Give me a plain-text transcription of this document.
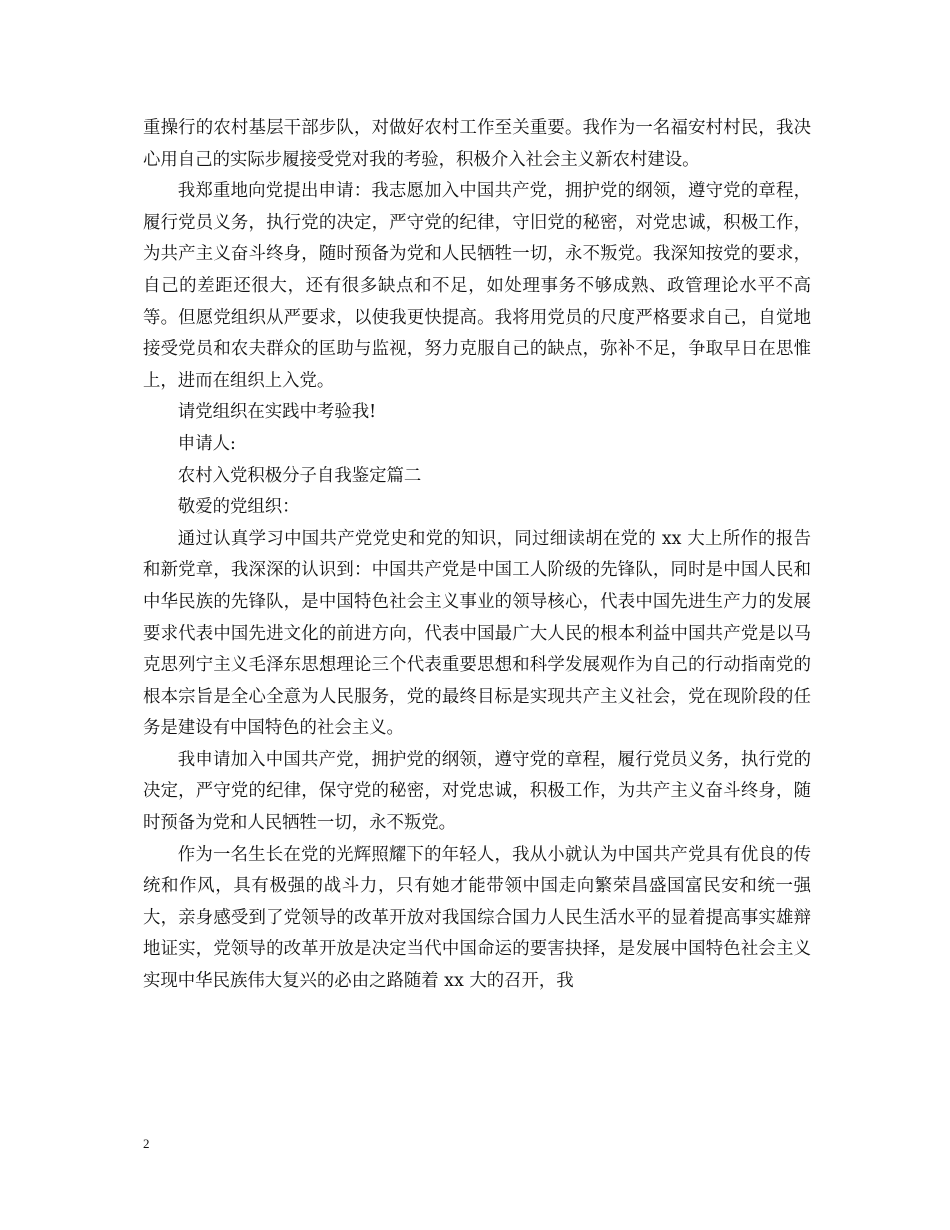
重操行的农村基层干部步队，对做好农村工作至关重要。我作为一名福安村村民，我决心用自己的实际步履接受党对我的考验，积极介入社会主义新农村建设。

我郑重地向党提出申请：我志愿加入中国共产党，拥护党的纲领，遵守党的章程，履行党员义务，执行党的决定，严守党的纪律，守旧党的秘密，对党忠诚，积极工作，为共产主义奋斗终身，随时预备为党和人民牺牲一切，永不叛党。我深知按党的要求，自己的差距还很大，还有很多缺点和不足，如处理事务不够成熟、政管理论水平不高等。但愿党组织从严要求，以使我更快提高。我将用党员的尺度严格要求自己，自觉地接受党员和农夫群众的匡助与监视，努力克服自己的缺点，弥补不足，争取早日在思惟上，进而在组织上入党。

请党组织在实践中考验我!

申请人:

农村入党积极分子自我鉴定篇二

敬爱的党组织：

通过认真学习中国共产党党史和党的知识，同过细读胡在党的 xx 大上所作的报告和新党章，我深深的认识到：中国共产党是中国工人阶级的先锋队，同时是中国人民和中华民族的先锋队，是中国特色社会主义事业的领导核心，代表中国先进生产力的发展要求代表中国先进文化的前进方向，代表中国最广大人民的根本利益中国共产党是以马克思列宁主义毛泽东思想理论三个代表重要思想和科学发展观作为自己的行动指南党的根本宗旨是全心全意为人民服务，党的最终目标是实现共产主义社会，党在现阶段的任务是建设有中国特色的社会主义。

我申请加入中国共产党，拥护党的纲领，遵守党的章程，履行党员义务，执行党的决定，严守党的纪律，保守党的秘密，对党忠诚，积极工作，为共产主义奋斗终身，随时预备为党和人民牺牲一切，永不叛党。

作为一名生长在党的光辉照耀下的年轻人，我从小就认为中国共产党具有优良的传统和作风，具有极强的战斗力，只有她才能带领中国走向繁荣昌盛国富民安和统一强大，亲身感受到了党领导的改革开放对我国综合国力人民生活水平的显着提高事实雄辩地证实，党领导的改革开放是决定当代中国命运的要害抉择，是发展中国特色社会主义实现中华民族伟大复兴的必由之路随着 xx 大的召开，我

2
